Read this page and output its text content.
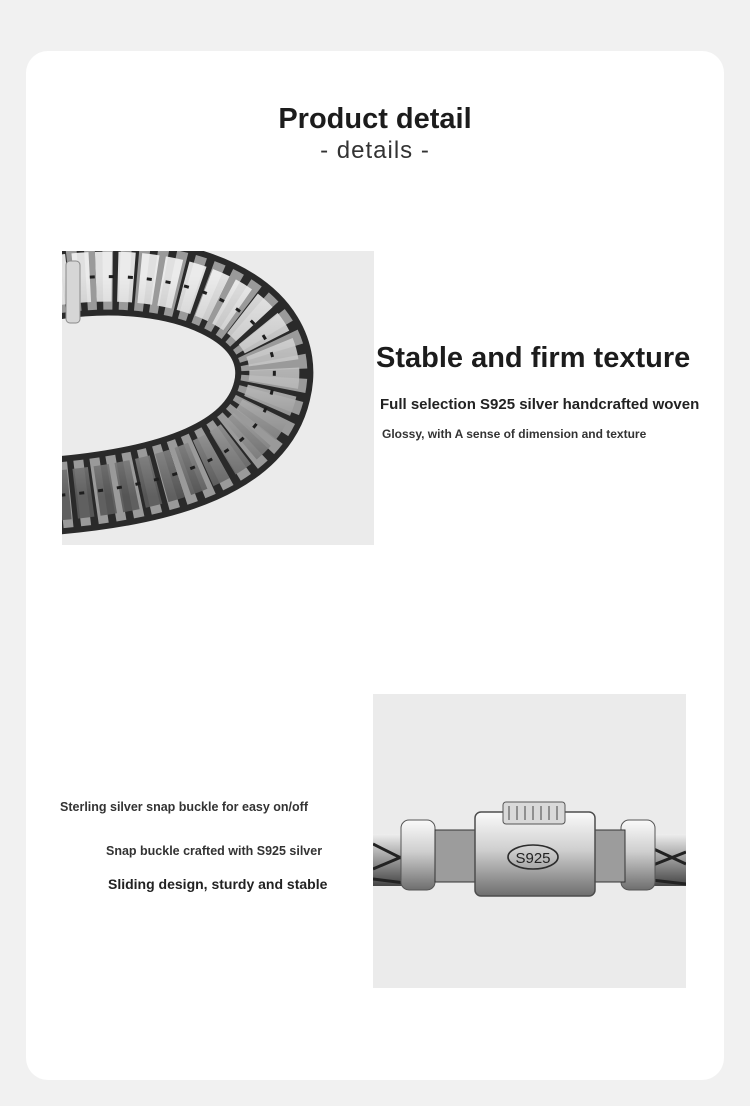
Product detail
- details -
Stable and firm texture
Full selection S925 silver handcrafted woven
Glossy, with A sense of dimension and texture
Sterling silver snap buckle for easy on/off
Snap buckle crafted with S925 silver
Sliding design, sturdy and stable
S925
